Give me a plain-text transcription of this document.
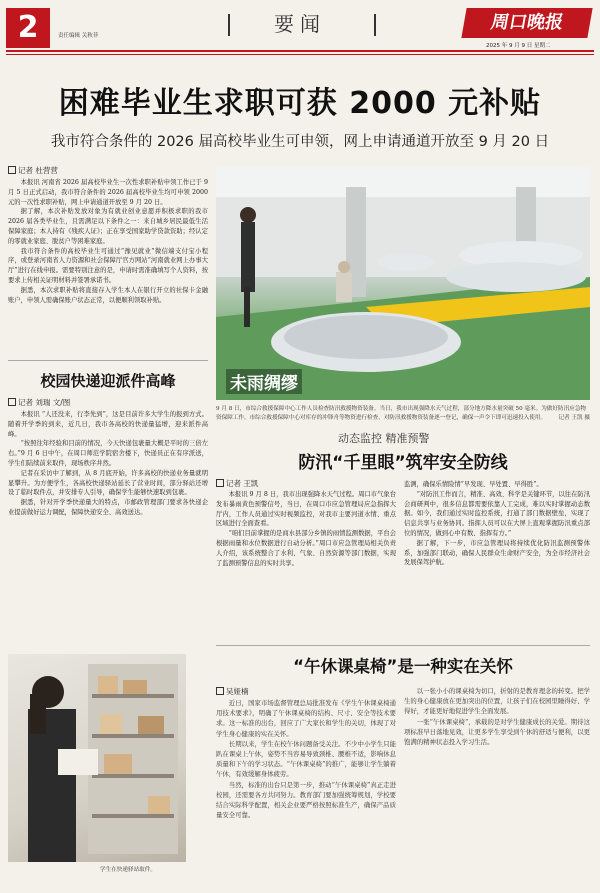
2	责任编辑 关秋菲	要闻	周口晚报
2025 年 9 月 9 日 星期二
困难毕业生求职可获 2000 元补贴
我市符合条件的 2026 届高校毕业生可申领，网上申请通道开放至 9 月 20 日
记者 杜营营

本报讯 河南省 2026 届高校毕业生一次性求职补贴申领工作已于 9 月 5 日正式启动，我市符合条件的 2026 届高校毕业生均可申领 2000 元的一次性求职补贴，网上申请通道开放至 9 月 20 日。

据了解，本次补贴发放对象为有就业创业意愿并积极求职的我市 2026 届各类毕业生，且需满足以下条件之一：来自城乡居民最低生活保障家庭；本人持有《残疾人证》；正在享受国家助学贷款资助；经认定的零就业家庭、脱贫户等困难家庭。

我市符合条件的高校毕业生可通过“豫见就业”微信端支付宝小程序，或登录河南省人力资源和社会保障厅官方网站“河南就业网上办事大厅”进行在线申报。需要特别注意的是，申请时需准确填写个人资料，按要求上传相关证明材料并签署承诺书。

据悉，本次求职补贴将直接存入学生本人在银行开立的社保卡金融账户，申领人需确保账户状态正常，以便顺利领取补贴。

未雨绸缪
9 月 8 日，市综合救援保障中心工作人员检查防汛救援物资装备。当日，我市出现强降水天气过程，部分地方降水量突破 50 毫米。为做好防汛应急物资保障工作，市综合救援保障中心对库存的冲锋舟等物资进行检查，对防汛救援物资装备逐一登记，确保一声令下即可迅速投入使用。 记者 王凯 摄
校园快递迎派件高峰
记者 刘瑞 文/图

本报讯 “人还没来，行李先到”，这是目前许多大学生的报到方式。随着开学季的到来，近几日，我市各高校的快递量猛增，迎来派件高峰。

“按照往年经验和目前的情况，今天快递包裹量大概是平时的三倍左右。”9 月 6 日中午，在周口师范学院宿舍楼下，快递员正在有序派送，学生们陆续前来取件，现场秩序井然。

记者在采访中了解到，从 8 月底开始，许多高校的快递业务量就明显攀升。为方便学生，各高校快递驿站延长了营业时间，部分驿站还增设了临时取件点，并安排专人引导，确保学生能够快速取到包裹。

据悉，针对开学季快递量大的特点，市邮政管理部门要求各快递企业提前做好运力调配，保障快递安全、高效送达。

学生在快递驿站取件。
动态监控 精准预警
防汛“千里眼”筑牢安全防线
记者 王凯

本报讯 9 月 8 日，我市出现强降水天气过程。周口市气象台发布暴雨黄色预警信号，当日，在周口市应急管理局应急指挥大厅内，工作人员通过实时视频监控，对我市主要河道水情、重点区域进行全面查看。

“咱们目前掌握的是商水县部分乡镇的雨情监测数据，平台会根据雨量和水位数据进行自动分析。”周口市应急管理局相关负责人介绍，该系统整合了水利、气象、自然资源等部门数据，实现了监测预警信息的实时共享。

监测，确保乐情险情“早发现、早处置、早得胜”。

“对防汛工作而言，精准、高效、科学是关键环节，以往在防汛会商研判中，很多信息都需要依靠人工完成，难以实时掌握动态数据。如今，我们通过实时监控系统，打通了部门数据壁垒，实现了信息共享与业务协同。指挥人员可以在大屏上直观掌握防汛重点部位的情况，做到心中有数、指挥有方。”

据了解，下一步，市应急管理局将持续优化防汛监测预警体系，加强部门联动，确保人民群众生命财产安全，为全市经济社会发展保驾护航。

“午休课桌椅”是一种实在关怀
吴娅楠

近日，国家市场监督管理总局批准发布《学生午休课桌椅通用技术要求》，明确了午休课桌椅的结构、尺寸、安全等技术要求。这一标准的出台，回应了广大家长和学生的关切，体现了对学生身心健康的实在关怀。

长期以来，学生在校午休问题备受关注。不少中小学生只能趴在课桌上午休，姿势不当容易导致颈椎、腰椎不适，影响休息质量和下午的学习状态。“午休课桌椅”的推广，能够让学生躺着午休，有效缓解身体疲劳。

当然，标准的出台只是第一步，推动“午休课桌椅”真正走进校园，还需要各方共同努力。教育部门要加强统筹规划，学校要结合实际科学配置，相关企业要严格按照标准生产，确保产品质量安全可靠。

以一张小小的课桌椅为切口，折射的是教育理念的转变。把学生的身心健康放在更加突出的位置，让孩子们在校园里睡得好、学得好，才能更好地促进学生全面发展。

一张“午休课桌椅”，承载的是对学生健康成长的关爱。期待这项标准早日落地见效，让更多学生享受到午休的舒适与便利，以更饱满的精神状态投入学习生活。
